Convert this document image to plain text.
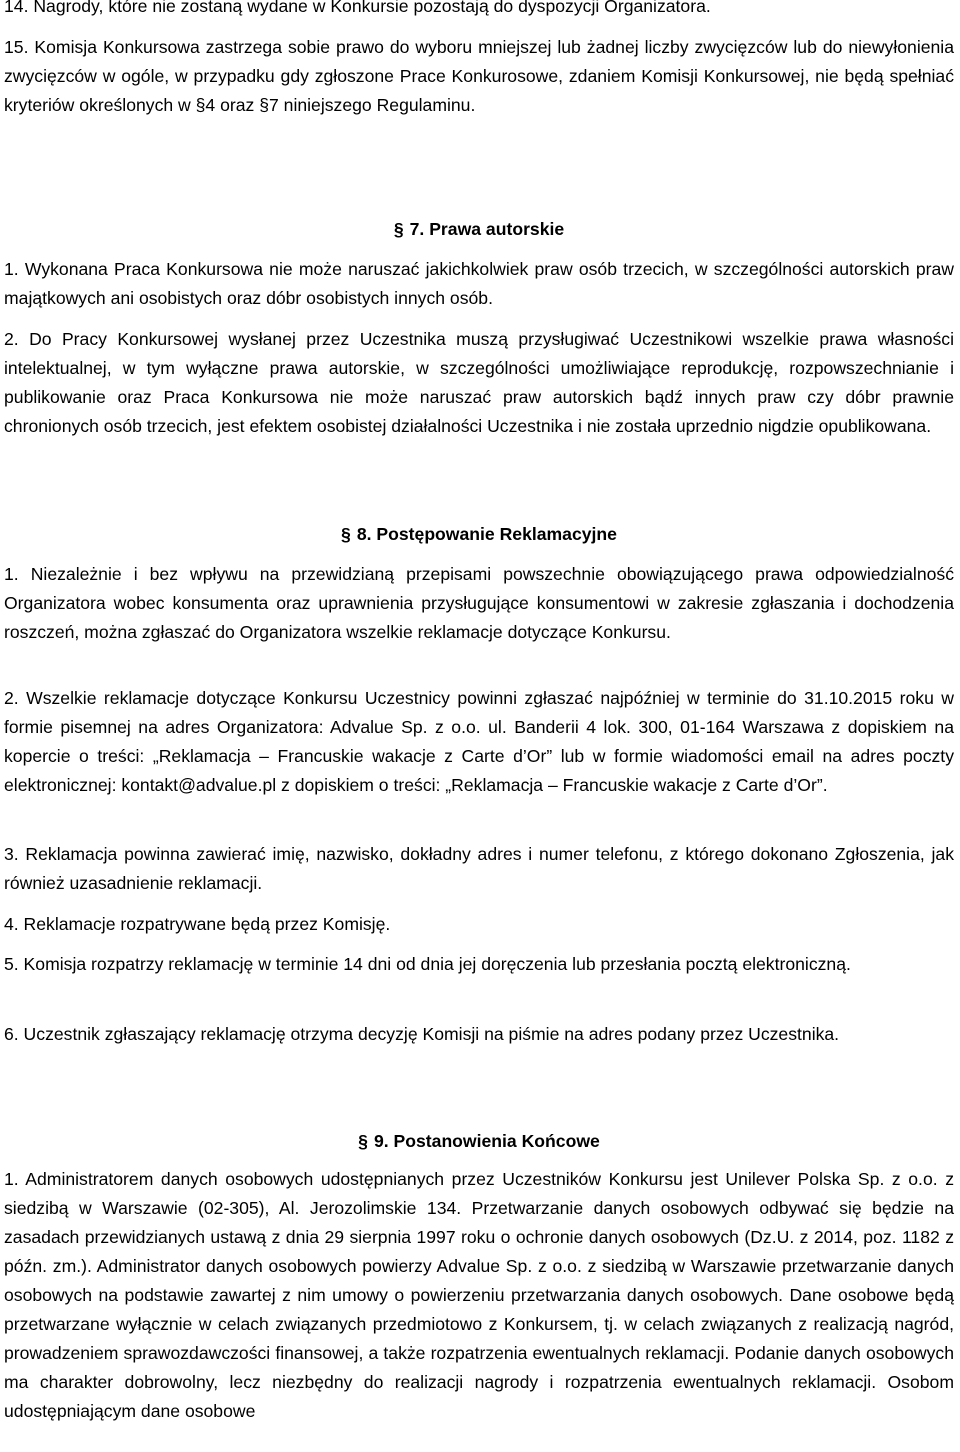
14. Nagrody, które nie zostaną wydane w Konkursie pozostają do dyspozycji Organizatora.

15. Komisja Konkursowa zastrzega sobie prawo do wyboru mniejszej lub żadnej liczby zwycięzców lub do niewyłonienia zwycięzców w ogóle, w przypadku gdy zgłoszone Prace Konkurosowe, zdaniem Komisji Konkursowej, nie będą spełniać kryteriów określonych w §4 oraz §7 niniejszego Regulaminu.

§ 7. Prawa autorskie

1. Wykonana Praca Konkursowa nie może naruszać jakichkolwiek praw osób trzecich, w szczególności autorskich praw majątkowych ani osobistych oraz dóbr osobistych innych osób.

2. Do Pracy Konkursowej wysłanej przez Uczestnika muszą przysługiwać Uczestnikowi wszelkie prawa własności intelektualnej, w tym wyłączne prawa autorskie, w szczególności umożliwiające reprodukcję, rozpowszechnianie i publikowanie oraz Praca Konkursowa nie może naruszać praw autorskich bądź innych praw czy dóbr prawnie chronionych osób trzecich, jest efektem osobistej działalności Uczestnika i nie została uprzednio nigdzie opublikowana.

§ 8. Postępowanie Reklamacyjne

1. Niezależnie i bez wpływu na przewidzianą przepisami powszechnie obowiązującego prawa odpowiedzialność Organizatora wobec konsumenta oraz uprawnienia przysługujące konsumentowi w zakresie zgłaszania i dochodzenia roszczeń, można zgłaszać do Organizatora wszelkie reklamacje dotyczące Konkursu.

2. Wszelkie reklamacje dotyczące Konkursu Uczestnicy powinni zgłaszać najpóźniej w terminie do 31.10.2015 roku w formie pisemnej na adres Organizatora: Advalue Sp. z o.o. ul. Banderii 4 lok. 300, 01-164 Warszawa z dopiskiem na kopercie o treści: „Reklamacja – Francuskie wakacje z Carte d’Or” lub w formie wiadomości email na adres poczty elektronicznej: kontakt@advalue.pl z dopiskiem o treści: „Reklamacja – Francuskie wakacje z Carte d’Or”.

3. Reklamacja powinna zawierać imię, nazwisko, dokładny adres i numer telefonu, z którego dokonano Zgłoszenia, jak również uzasadnienie reklamacji.

4. Reklamacje rozpatrywane będą przez Komisję.

5. Komisja rozpatrzy reklamację w terminie 14 dni od dnia jej doręczenia lub przesłania pocztą elektroniczną.

6. Uczestnik zgłaszający reklamację otrzyma decyzję Komisji na piśmie na adres podany przez Uczestnika.

§ 9. Postanowienia Końcowe

1. Administratorem danych osobowych udostępnianych przez Uczestników Konkursu jest Unilever Polska Sp. z o.o. z siedzibą w Warszawie (02-305), Al. Jerozolimskie 134. Przetwarzanie danych osobowych odbywać się będzie na zasadach przewidzianych ustawą z dnia 29 sierpnia 1997 roku o ochronie danych osobowych (Dz.U. z 2014, poz. 1182 z późn. zm.). Administrator danych osobowych powierzy Advalue Sp. z o.o. z siedzibą w Warszawie przetwarzanie danych osobowych na podstawie zawartej z nim umowy o powierzeniu przetwarzania danych osobowych. Dane osobowe będą przetwarzane wyłącznie w celach związanych przedmiotowo z Konkursem, tj. w celach związanych z realizacją nagród, prowadzeniem sprawozdawczości finansowej, a także rozpatrzenia ewentualnych reklamacji. Podanie danych osobowych ma charakter dobrowolny, lecz niezbędny do realizacji nagrody i rozpatrzenia ewentualnych reklamacji. Osobom udostępniającym dane osobowe
